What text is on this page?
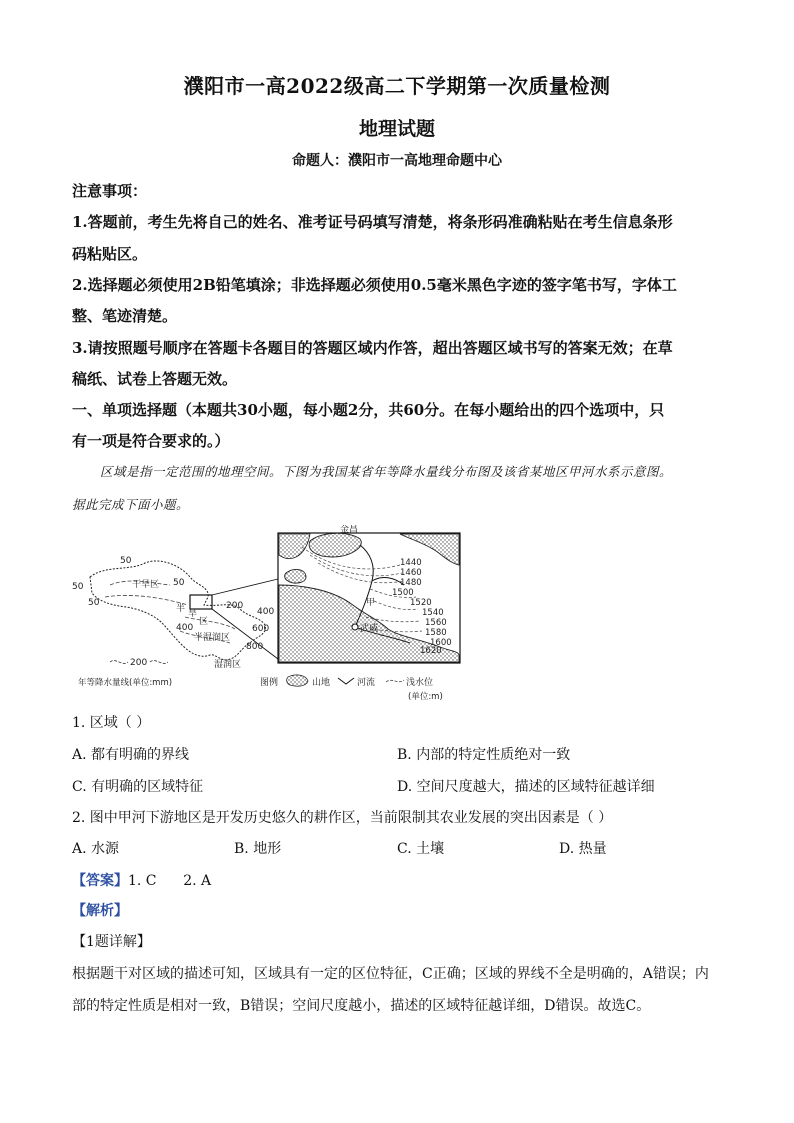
濮阳市一高2022级高二下学期第一次质量检测
地理试题
命题人：濮阳市一高地理命题中心
注意事项：
1.答题前，考生先将自己的姓名、准考证号码填写清楚，将条形码准确粘贴在考生信息条形
码粘贴区。
2.选择题必须使用2B铅笔填涂；非选择题必须使用0.5毫米黑色字迹的签字笔书写，字体工
整、笔迹清楚。
3.请按照题号顺序在答题卡各题目的答题区域内作答，超出答题区域书写的答案无效；在草
稿纸、试卷上答题无效。
一、单项选择题（本题共30小题，每小题2分，共60分。在每小题给出的四个选项中，只
有一项是符合要求的。）
区域是指一定范围的地理空间。下图为我国某省年等降水量线分布图及该省某地区甲河水系示意图。
据此完成下面小题。
50
50
50
50
干旱区
半 旱
区
200
400
400
半湿润区
600
800
湿润区
200
年等降水量线(单位:mm)
金昌
甲
武威
1440
1460
1480
1500
1520
1540
1560
1580
1600
1620
图例	山地	河流	浅水位
(单位:m)
1. 区域（ ）
A. 都有明确的界线	B. 内部的特定性质绝对一致
C. 有明确的区域特征	D. 空间尺度越大，描述的区域特征越详细
2. 图中甲河下游地区是开发历史悠久的耕作区，当前限制其农业发展的突出因素是（ ）
A. 水源	B. 地形	C. 土壤	D. 热量
【答案】1. C      2. A
【解析】
【1题详解】
根据题干对区域的描述可知，区域具有一定的区位特征，C正确；区域的界线不全是明确的，A错误；内
部的特定性质是相对一致，B错误；空间尺度越小，描述的区域特征越详细，D错误。故选C。
